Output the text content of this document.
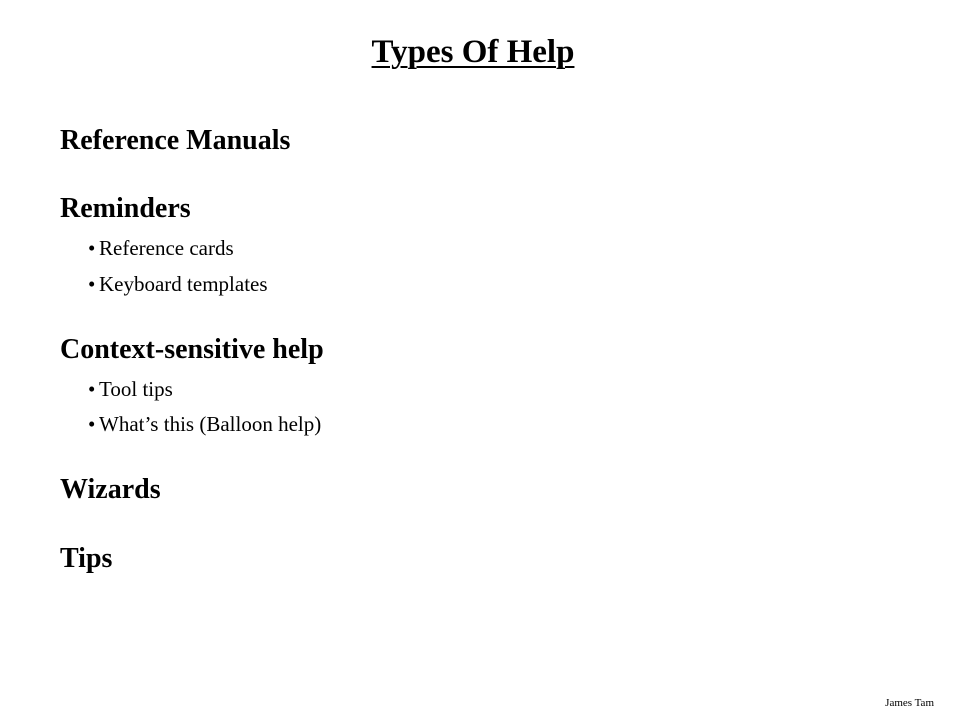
Types Of Help
Reference Manuals
Reminders
• Reference cards
• Keyboard templates
Context-sensitive help
• Tool tips
• What’s this (Balloon help)
Wizards
Tips
James Tam
